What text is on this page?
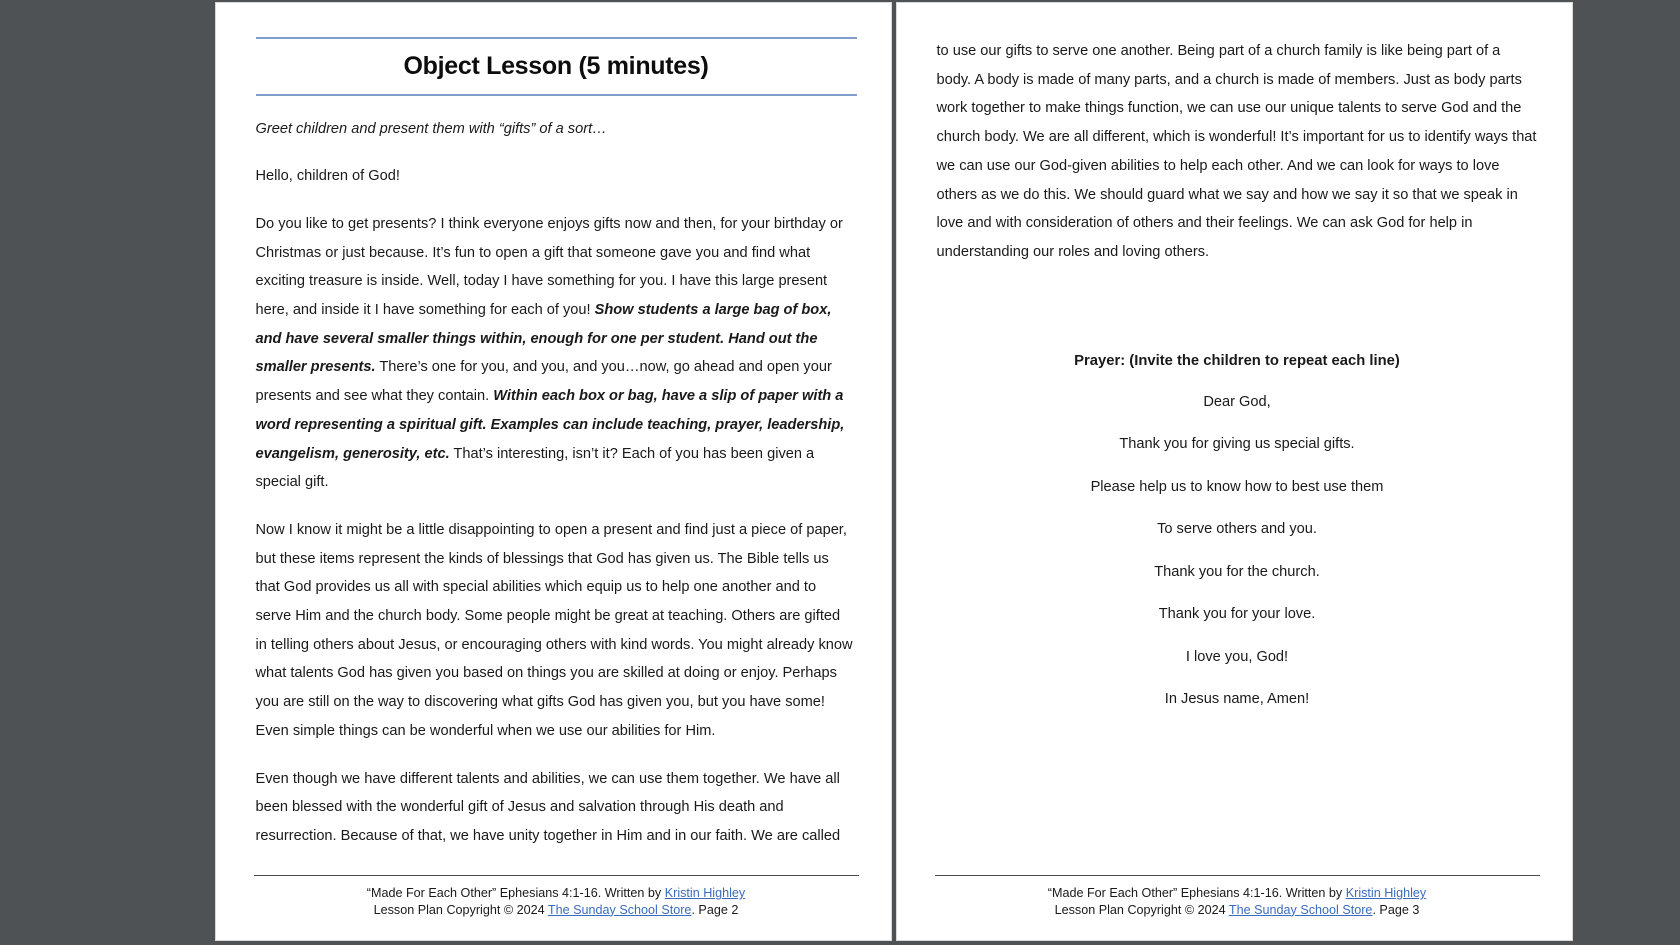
Object Lesson (5 minutes)

Greet children and present them with “gifts” of a sort…

Hello, children of God!

Do you like to get presents? I think everyone enjoys gifts now and then, for your birthday or Christmas or just because. It’s fun to open a gift that someone gave you and find what exciting treasure is inside. Well, today I have something for you. I have this large present here, and inside it I have something for each of you! Show students a large bag of box, and have several smaller things within, enough for one per student. Hand out the smaller presents. There’s one for you, and you, and you…now, go ahead and open your presents and see what they contain. Within each box or bag, have a slip of paper with a word representing a spiritual gift. Examples can include teaching, prayer, leadership, evangelism, generosity, etc. That’s interesting, isn’t it? Each of you has been given a special gift.

Now I know it might be a little disappointing to open a present and find just a piece of paper, but these items represent the kinds of blessings that God has given us. The Bible tells us that God provides us all with special abilities which equip us to help one another and to serve Him and the church body. Some people might be great at teaching. Others are gifted in telling others about Jesus, or encouraging others with kind words. You might already know what talents God has given you based on things you are skilled at doing or enjoy. Perhaps you are still on the way to discovering what gifts God has given you, but you have some! Even simple things can be wonderful when we use our abilities for Him.

Even though we have different talents and abilities, we can use them together. We have all been blessed with the wonderful gift of Jesus and salvation through His death and resurrection. Because of that, we have unity together in Him and in our faith. We are called

“Made For Each Other” Ephesians 4:1-16. Written by Kristin Highley
Lesson Plan Copyright © 2024 The Sunday School Store. Page 2

to use our gifts to serve one another. Being part of a church family is like being part of a body. A body is made of many parts, and a church is made of members. Just as body parts work together to make things function, we can use our unique talents to serve God and the church body. We are all different, which is wonderful! It’s important for us to identify ways that we can use our God-given abilities to help each other. And we can look for ways to love others as we do this. We should guard what we say and how we say it so that we speak in love and with consideration of others and their feelings. We can ask God for help in understanding our roles and loving others.

Prayer: (Invite the children to repeat each line)
Dear God,
Thank you for giving us special gifts.
Please help us to know how to best use them
To serve others and you.
Thank you for the church.
Thank you for your love.
I love you, God!
In Jesus name, Amen!
“Made For Each Other” Ephesians 4:1-16. Written by Kristin Highley
Lesson Plan Copyright © 2024 The Sunday School Store. Page 3
